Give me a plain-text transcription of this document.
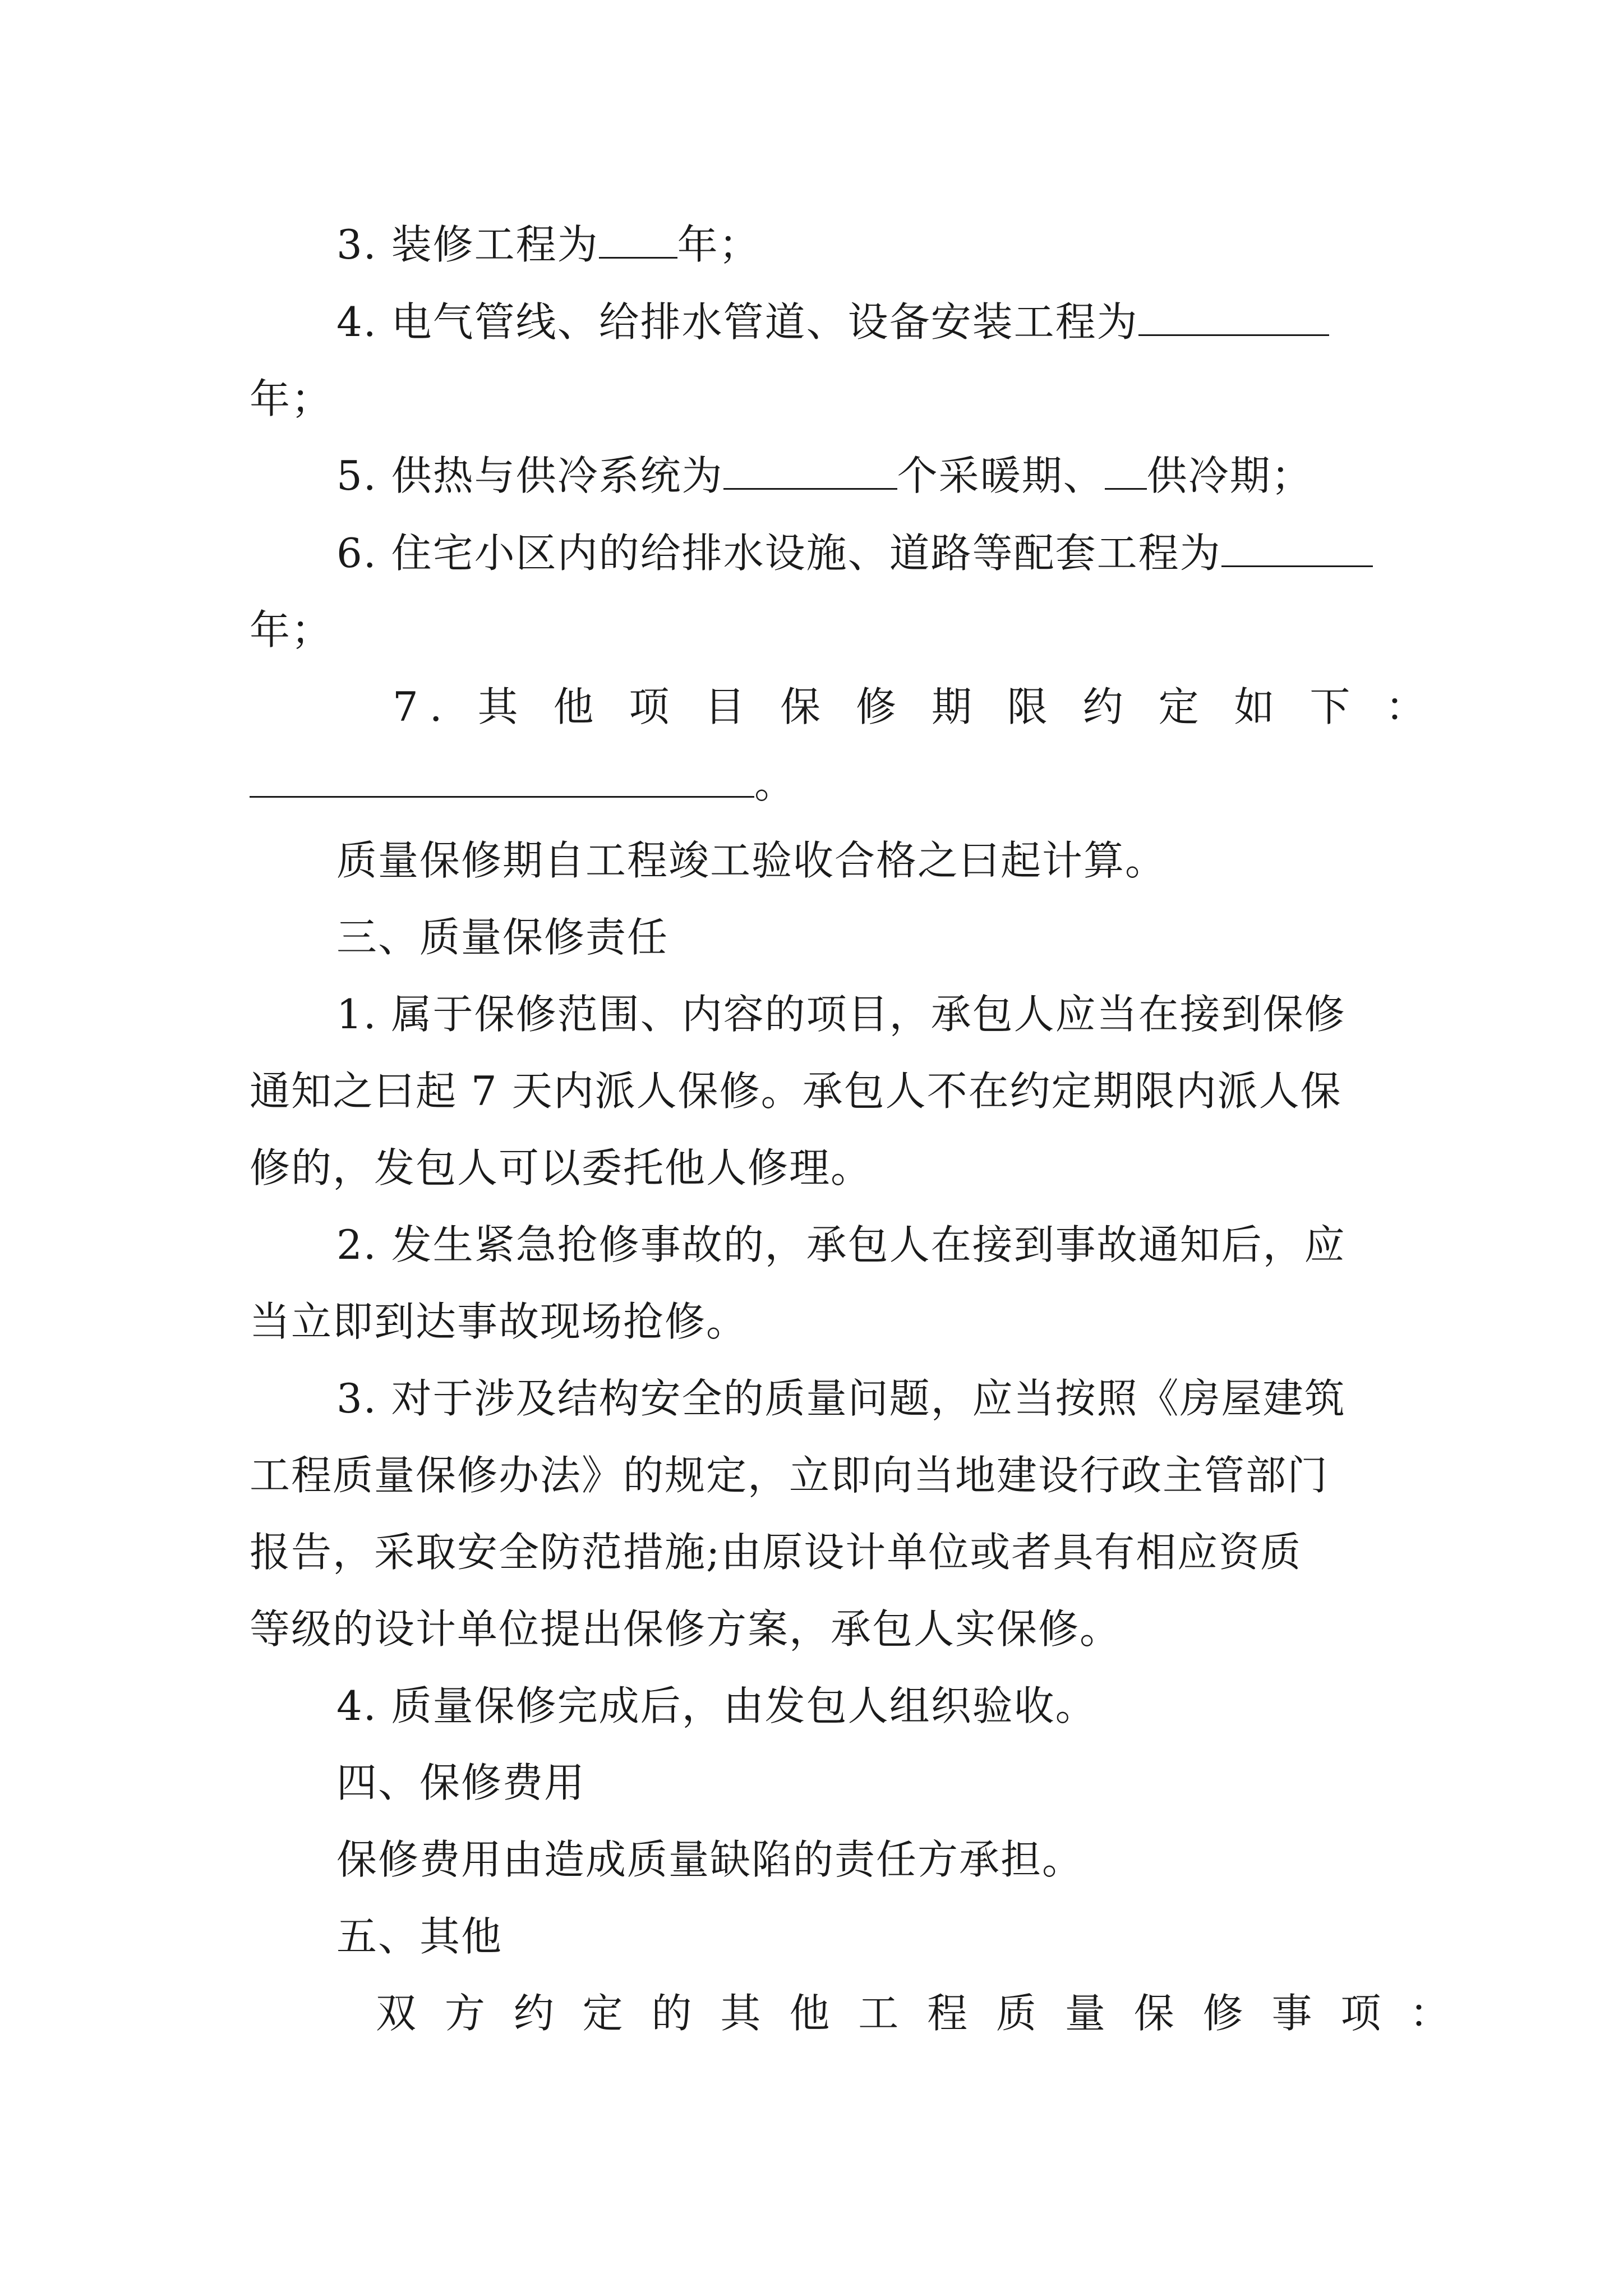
3. 装修工程为 年；
4. 电气管线、给排水管道、设备安装工程为
年；
5. 供热与供冷系统为	个采暖期、 供冷期；
6. 住宅小区内的给排水设施、道路等配套工程为
年；
7. 其 他 项 目 保 修 期 限 约 定 如 下 ：
。
质量保修期自工程竣工验收合格之曰起计算。
三、质量保修责任
1. 属于保修范围、内容的项目，承包人应当在接到保修
通知之曰起 7 天内派人保修。承包人不在约定期限内派人保
修的，发包人可以委托他人修理。
2. 发生紧急抢修事故的，承包人在接到事故通知后，应
当立即到达事故现场抢修。
3. 对于涉及结构安全的质量问题，应当按照《房屋建筑
工程质量保修办法》的规定，立即向当地建设行政主管部门
报告，采取安全防范措施;由原设计单位或者具有相应资质
等级的设计单位提出保修方案，承包人实保修。
4. 质量保修完成后，由发包人组织验收。
四、保修费用
保修费用由造成质量缺陷的责任方承担。
五、其他
双 方 约 定 的 其 他 工 程 质 量 保 修 事 项 ：
